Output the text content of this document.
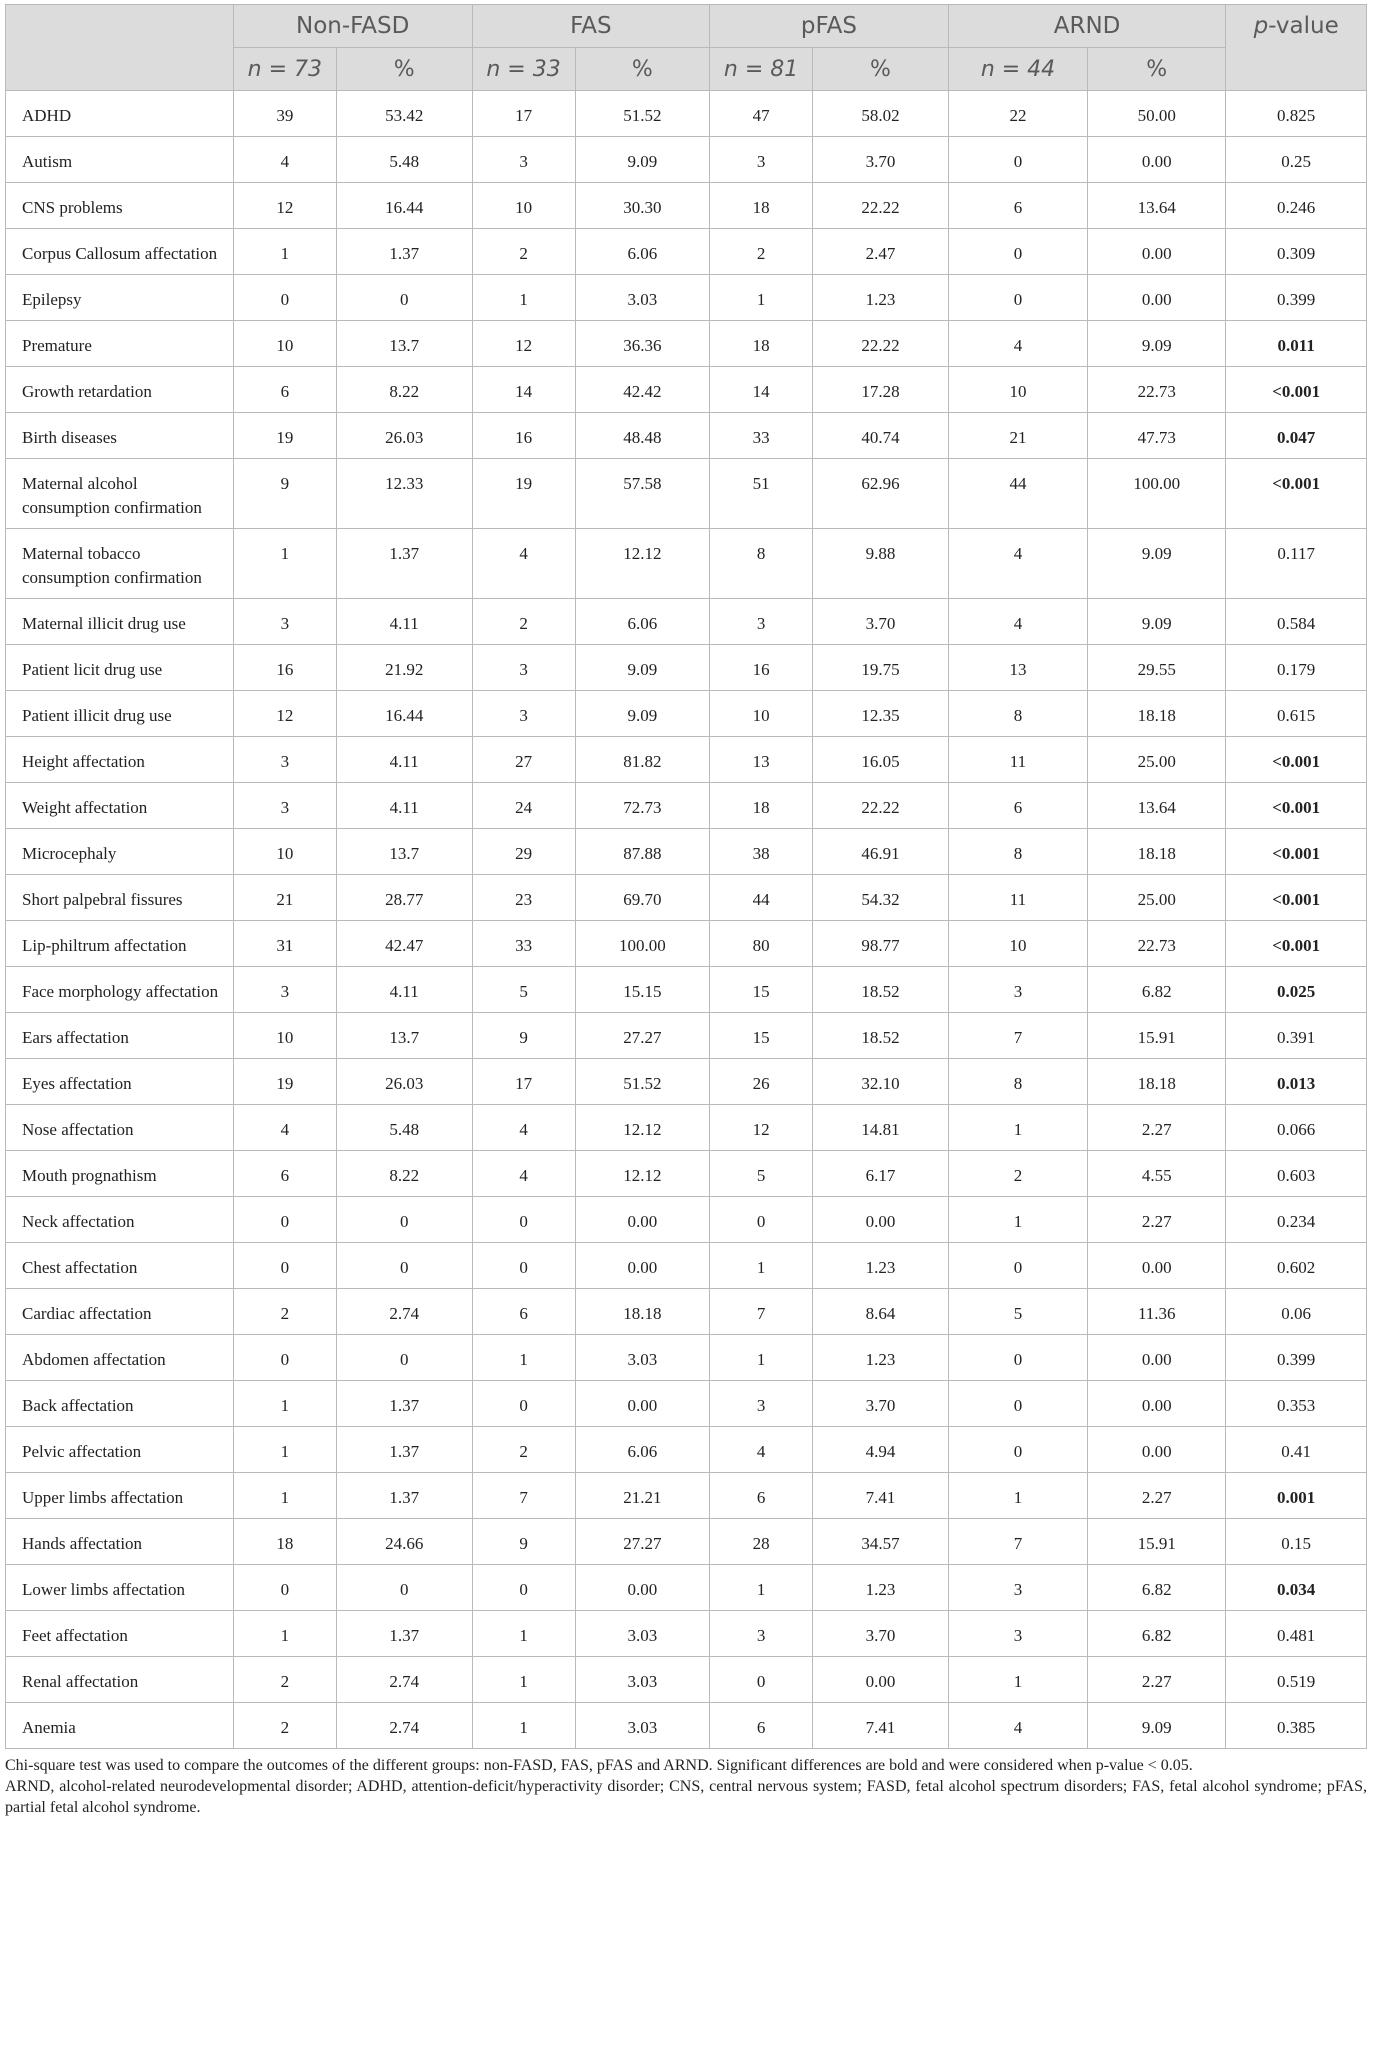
	Non-FASD		FAS		pFAS		ARND		p-value
	n = 73	%	n = 33	%	n = 81	%	n = 44	%	
ADHD	39	53.42	17	51.52	47	58.02	22	50.00	0.825
Autism	4	5.48	3	9.09	3	3.70	0	0.00	0.25
CNS problems	12	16.44	10	30.30	18	22.22	6	13.64	0.246
Corpus Callosum affectation	1	1.37	2	6.06	2	2.47	0	0.00	0.309
Epilepsy	0	0	1	3.03	1	1.23	0	0.00	0.399
Premature	10	13.7	12	36.36	18	22.22	4	9.09	0.011
Growth retardation	6	8.22	14	42.42	14	17.28	10	22.73	<0.001
Birth diseases	19	26.03	16	48.48	33	40.74	21	47.73	0.047
Maternal alcohol consumption confirmation	9	12.33	19	57.58	51	62.96	44	100.00	<0.001
Maternal tobacco consumption confirmation	1	1.37	4	12.12	8	9.88	4	9.09	0.117
Maternal illicit drug use	3	4.11	2	6.06	3	3.70	4	9.09	0.584
Patient licit drug use	16	21.92	3	9.09	16	19.75	13	29.55	0.179
Patient illicit drug use	12	16.44	3	9.09	10	12.35	8	18.18	0.615
Height affectation	3	4.11	27	81.82	13	16.05	11	25.00	<0.001
Weight affectation	3	4.11	24	72.73	18	22.22	6	13.64	<0.001
Microcephaly	10	13.7	29	87.88	38	46.91	8	18.18	<0.001
Short palpebral fissures	21	28.77	23	69.70	44	54.32	11	25.00	<0.001
Lip-philtrum affectation	31	42.47	33	100.00	80	98.77	10	22.73	<0.001
Face morphology affectation	3	4.11	5	15.15	15	18.52	3	6.82	0.025
Ears affectation	10	13.7	9	27.27	15	18.52	7	15.91	0.391
Eyes affectation	19	26.03	17	51.52	26	32.10	8	18.18	0.013
Nose affectation	4	5.48	4	12.12	12	14.81	1	2.27	0.066
Mouth prognathism	6	8.22	4	12.12	5	6.17	2	4.55	0.603
Neck affectation	0	0	0	0.00	0	0.00	1	2.27	0.234
Chest affectation	0	0	0	0.00	1	1.23	0	0.00	0.602
Cardiac affectation	2	2.74	6	18.18	7	8.64	5	11.36	0.06
Abdomen affectation	0	0	1	3.03	1	1.23	0	0.00	0.399
Back affectation	1	1.37	0	0.00	3	3.70	0	0.00	0.353
Pelvic affectation	1	1.37	2	6.06	4	4.94	0	0.00	0.41
Upper limbs affectation	1	1.37	7	21.21	6	7.41	1	2.27	0.001
Hands affectation	18	24.66	9	27.27	28	34.57	7	15.91	0.15
Lower limbs affectation	0	0	0	0.00	1	1.23	3	6.82	0.034
Feet affectation	1	1.37	1	3.03	3	3.70	3	6.82	0.481
Renal affectation	2	2.74	1	3.03	0	0.00	1	2.27	0.519
Anemia	2	2.74	1	3.03	6	7.41	4	9.09	0.385

Chi-square test was used to compare the outcomes of the different groups: non-FASD, FAS, pFAS and ARND. Significant differences are bold and were considered when p-value < 0.05.

ARND, alcohol-related neurodevelopmental disorder; ADHD, attention-deficit/hyperactivity disorder; CNS, central nervous system; FASD, fetal alcohol spectrum disorders; FAS, fetal alcohol syndrome; pFAS, partial fetal alcohol syndrome.
